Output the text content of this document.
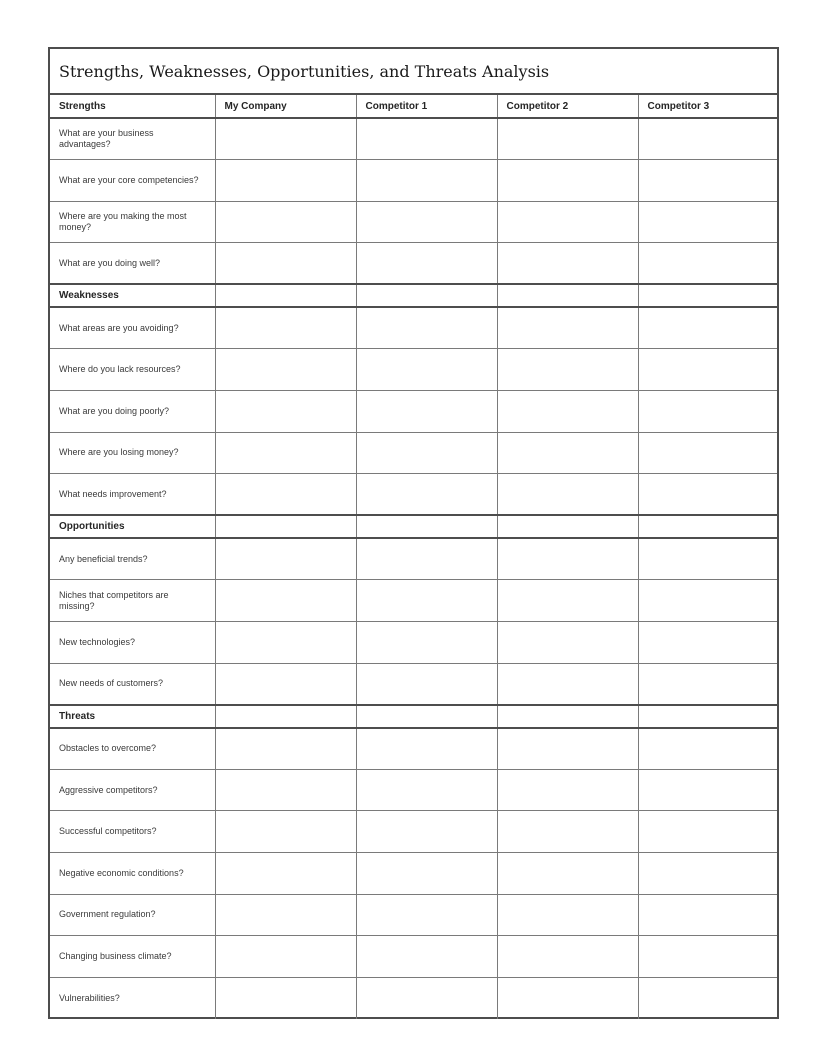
Strengths, Weaknesses, Opportunities, and Threats Analysis
Strengths	My Company	Competitor 1	Competitor 2	Competitor 3
What are your business advantages?				
What are your core competencies?				
Where are you making the most money?				
What are you doing well?				
Weaknesses				
What areas are you avoiding?				
Where do you lack resources?				
What are you doing poorly?				
Where are you losing money?				
What needs improvement?				
Opportunities				
Any beneficial trends?				
Niches that competitors are missing?				
New technologies?				
New needs of customers?				
Threats				
Obstacles to overcome?				
Aggressive competitors?				
Successful competitors?				
Negative economic conditions?				
Government regulation?				
Changing business climate?				
Vulnerabilities?				
